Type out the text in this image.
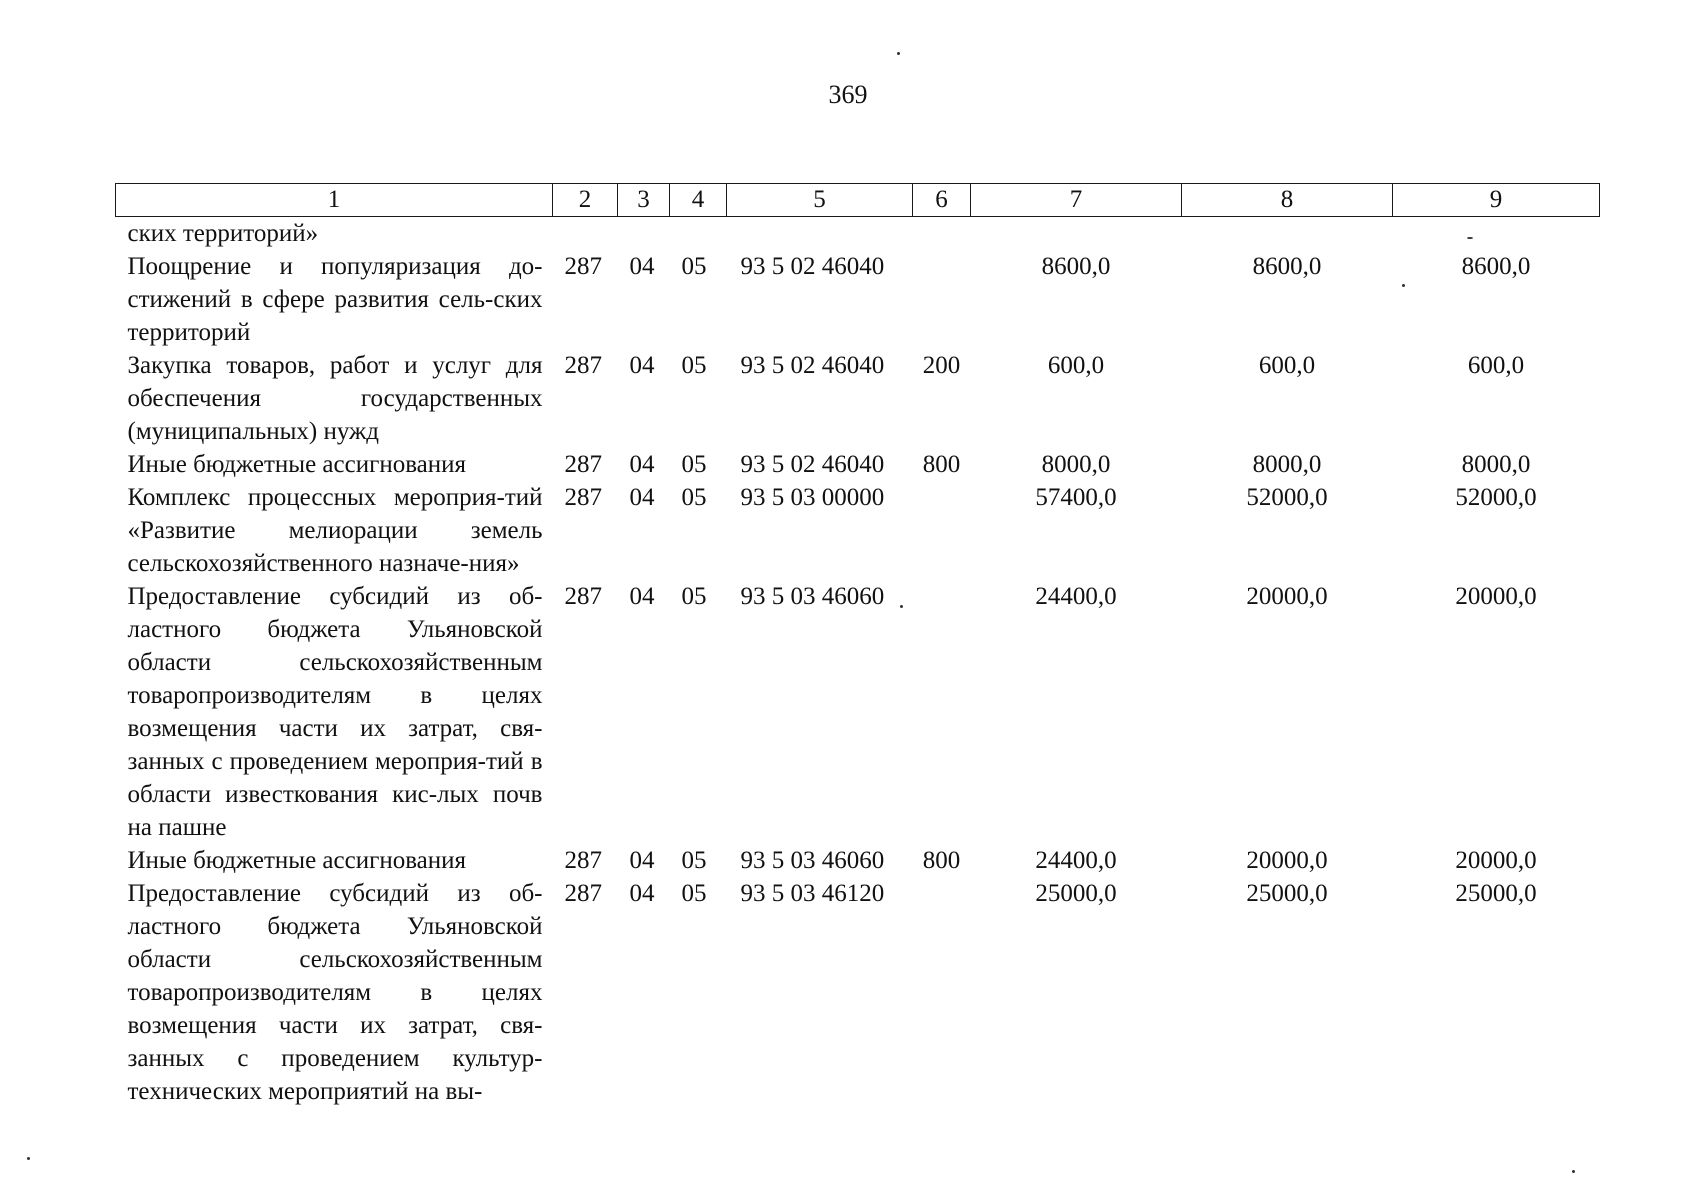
369
1	2	3	4	5	6	7	8	9
ских территорий»								
Поощрение и популяризация до-стижений в сфере развития сель-ских территорий	287	04	05	93 5 02 46040		8600,0	8600,0	8600,0
Закупка товаров, работ и услуг для обеспечения государственных (муниципальных) нужд	287	04	05	93 5 02 46040	200	600,0	600,0	600,0
Иные бюджетные ассигнования	287	04	05	93 5 02 46040	800	8000,0	8000,0	8000,0
Комплекс процессных мероприя-тий «Развитие мелиорации земель сельскохозяйственного назначе-ния»	287	04	05	93 5 03 00000		57400,0	52000,0	52000,0
Предоставление субсидий из об-ластного бюджета Ульяновской области сельскохозяйственным товаропроизводителям в целях возмещения части их затрат, свя-занных с проведением мероприя-тий в области известкования кис-лых почв на пашне	287	04	05	93 5 03 46060		24400,0	20000,0	20000,0
Иные бюджетные ассигнования	287	04	05	93 5 03 46060	800	24400,0	20000,0	20000,0
Предоставление субсидий из об-ластного бюджета Ульяновской области сельскохозяйственным товаропроизводителям в целях возмещения части их затрат, свя-занных с проведением культур-технических мероприятий на вы-	287	04	05	93 5 03 46120		25000,0	25000,0	25000,0
